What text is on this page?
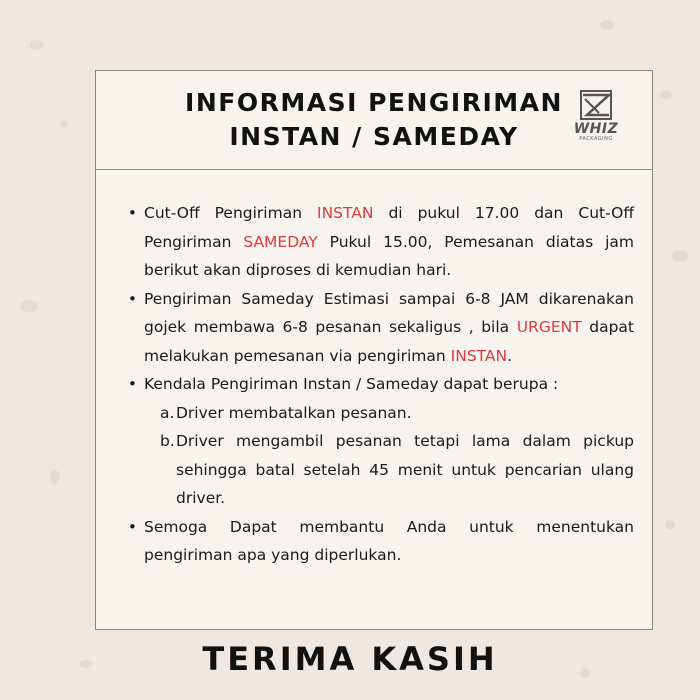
INFORMASI PENGIRIMAN
INSTAN / SAMEDAY	WHIZ
PACKAGING
• Cut-Off Pengiriman INSTAN di pukul 17.00 dan Cut-Off Pengiriman SAMEDAY Pukul 15.00, Pemesanan diatas jam berikut akan diproses di kemudian hari.
• Pengiriman Sameday Estimasi sampai 6-8 JAM dikarenakan gojek membawa 6-8 pesanan sekaligus , bila URGENT dapat melakukan pemesanan via pengiriman INSTAN.
• Kendala Pengiriman Instan / Sameday dapat berupa :
a. Driver membatalkan pesanan.
b. Driver mengambil pesanan tetapi lama dalam pickup sehingga batal setelah 45 menit untuk pencarian ulang driver.
• Semoga Dapat membantu Anda untuk menentukan pengiriman apa yang diperlukan.
TERIMA KASIH
